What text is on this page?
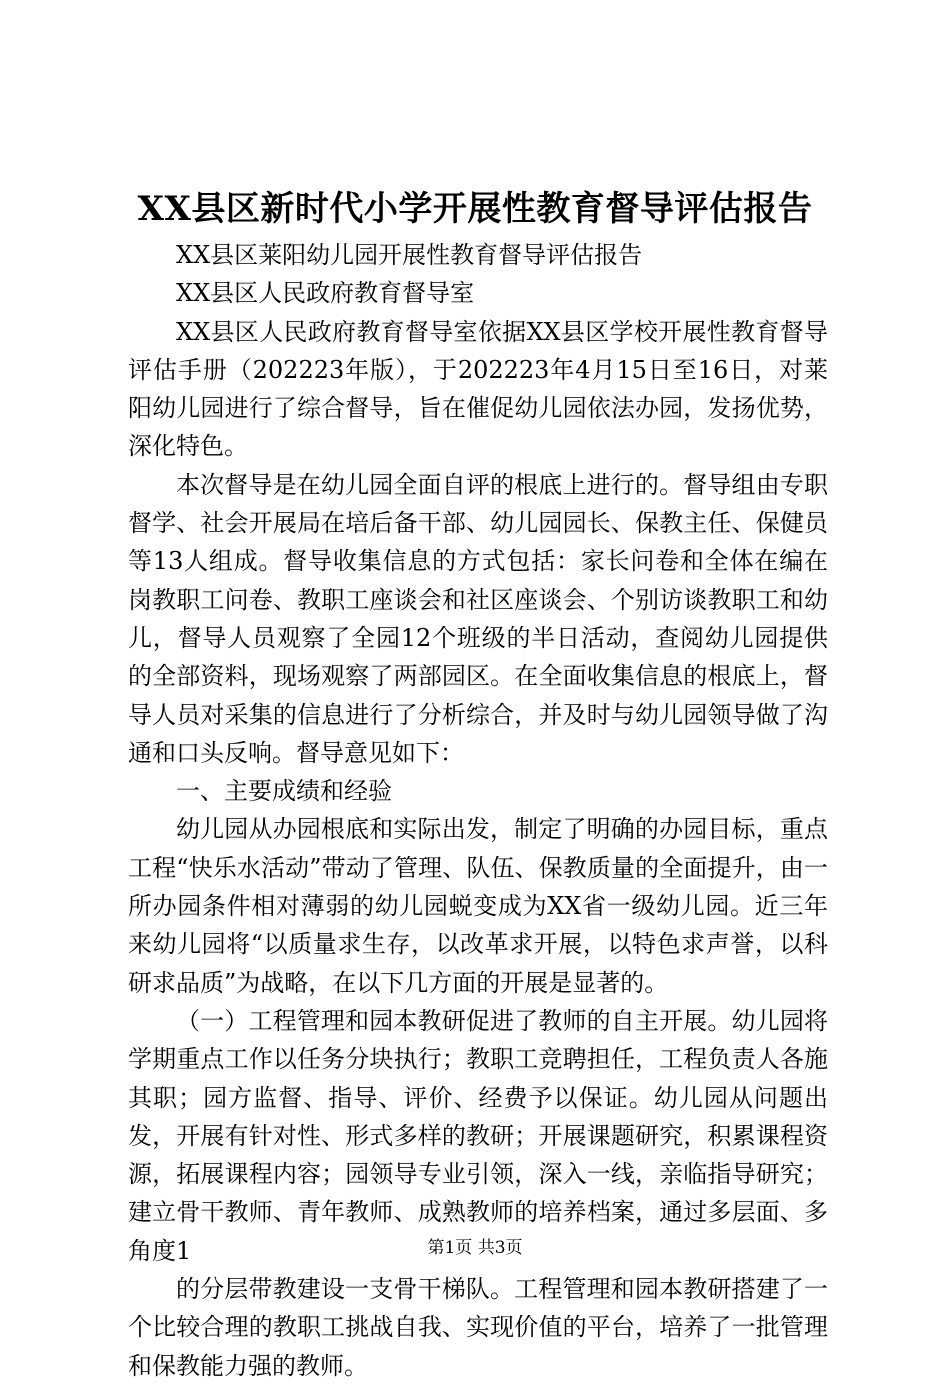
XX县区新时代小学开展性教育督导评估报告

XX县区莱阳幼儿园开展性教育督导评估报告

XX县区人民政府教育督导室

XX县区人民政府教育督导室依据XX县区学校开展性教育督导评估手册（202223年版），于202223年4月15日至16日，对莱阳幼儿园进行了综合督导，旨在催促幼儿园依法办园，发扬优势，深化特色。

本次督导是在幼儿园全面自评的根底上进行的。督导组由专职督学、社会开展局在培后备干部、幼儿园园长、保教主任、保健员等13人组成。督导收集信息的方式包括：家长问卷和全体在编在岗教职工问卷、教职工座谈会和社区座谈会、个别访谈教职工和幼儿，督导人员观察了全园12个班级的半日活动，查阅幼儿园提供的全部资料，现场观察了两部园区。在全面收集信息的根底上，督导人员对采集的信息进行了分析综合，并及时与幼儿园领导做了沟通和口头反响。督导意见如下：

一、主要成绩和经验

幼儿园从办园根底和实际出发，制定了明确的办园目标，重点工程“快乐水活动”带动了管理、队伍、保教质量的全面提升，由一所办园条件相对薄弱的幼儿园蜕变成为XX省一级幼儿园。近三年来幼儿园将“以质量求生存，以改革求开展，以特色求声誉，以科研求品质”为战略，在以下几方面的开展是显著的。

（一）工程管理和园本教研促进了教师的自主开展。幼儿园将学期重点工作以任务分块执行；教职工竞聘担任，工程负责人各施其职；园方监督、指导、评价、经费予以保证。幼儿园从问题出发，开展有针对性、形式多样的教研；开展课题研究，积累课程资源，拓展课程内容；园领导专业引领，深入一线，亲临指导研究；建立骨干教师、青年教师、成熟教师的培养档案，通过多层面、多角度1

的分层带教建设一支骨干梯队。工程管理和园本教研搭建了一个比较合理的教职工挑战自我、实现价值的平台，培养了一批管理和保教能力强的教师。

第1页 共3页
